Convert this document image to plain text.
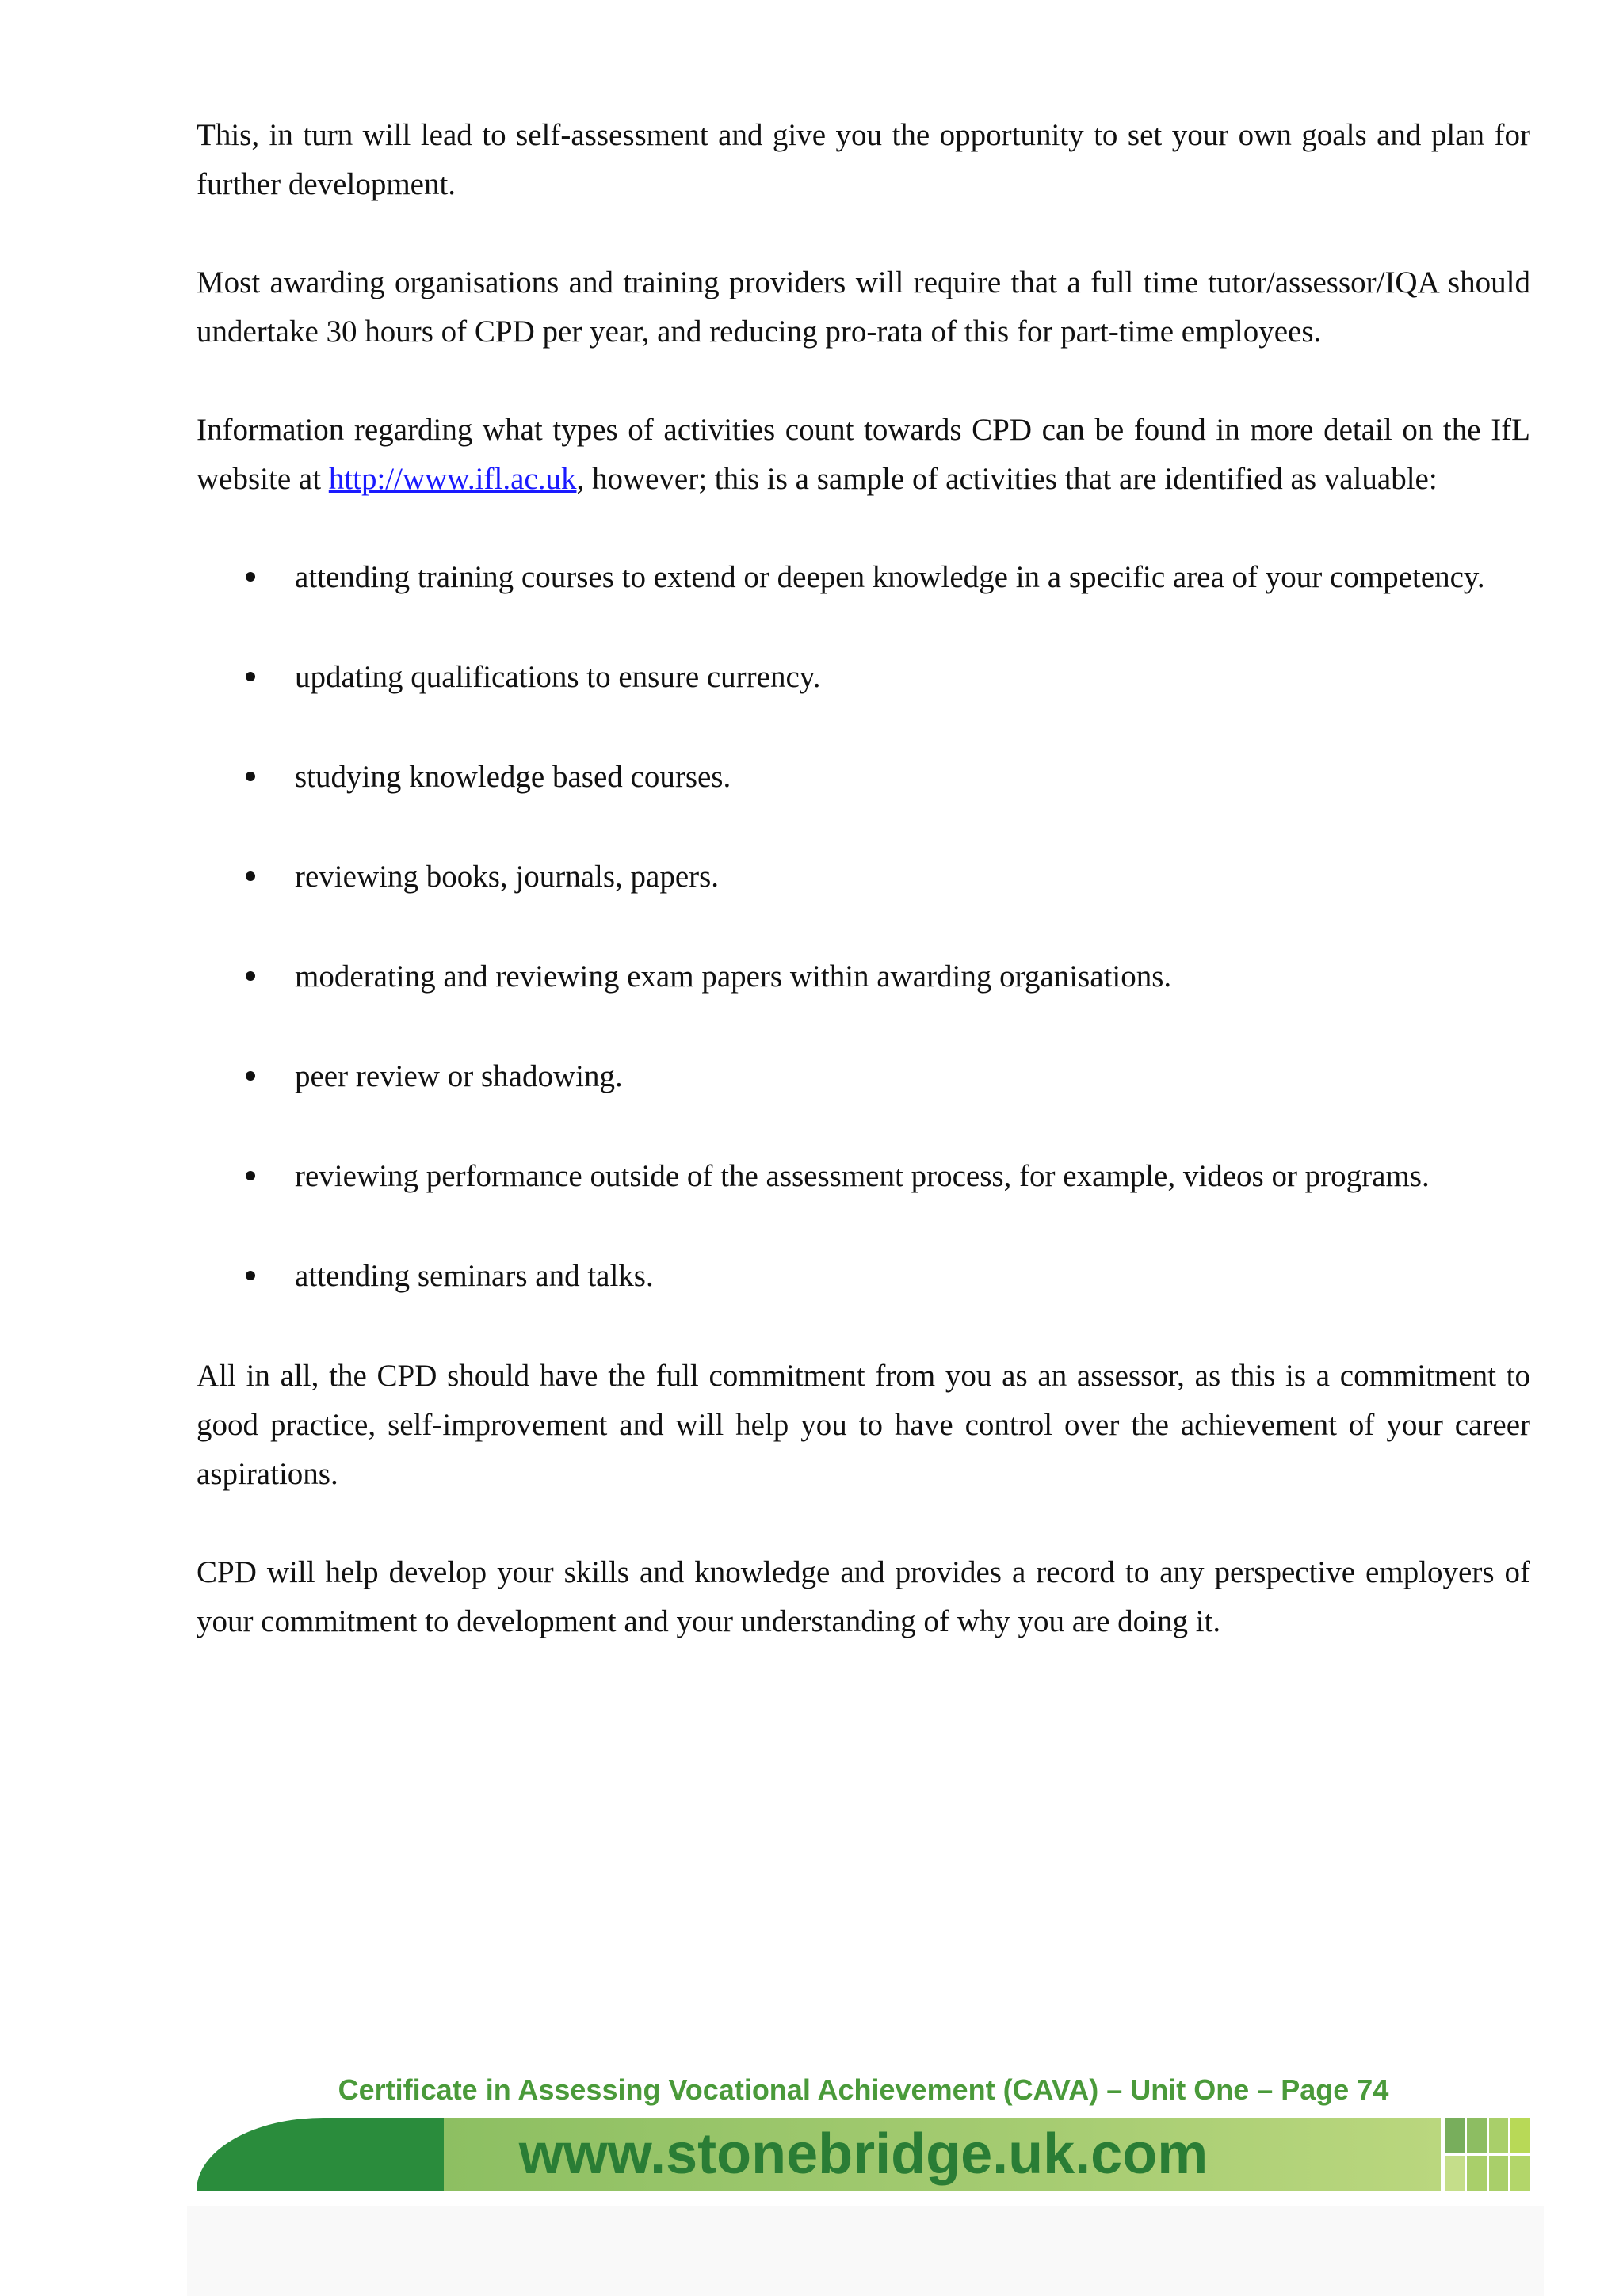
This, in turn will lead to self-assessment and give you the opportunity to set your own goals and plan for further development.

Most awarding organisations and training providers will require that a full time tutor/assessor/IQA should undertake 30 hours of CPD per year, and reducing pro-rata of this for part-time employees.

Information regarding what types of activities count towards CPD can be found in more detail on the IfL website at http://www.ifl.ac.uk, however; this is a sample of activities that are identified as valuable:

attending training courses to extend or deepen knowledge in a specific area of your competency.
updating qualifications to ensure currency.
studying knowledge based courses.
reviewing books, journals, papers.
moderating and reviewing exam papers within awarding organisations.
peer review or shadowing.
reviewing performance outside of the assessment process, for example, videos or programs.
attending seminars and talks.

All in all, the CPD should have the full commitment from you as an assessor, as this is a commitment to good practice, self-improvement and will help you to have control over the achievement of your career aspirations.

CPD will help develop your skills and knowledge and provides a record to any perspective employers of your commitment to development and your understanding of why you are doing it.

Certificate in Assessing Vocational Achievement (CAVA) – Unit One – Page 74
www.stonebridge.uk.com
